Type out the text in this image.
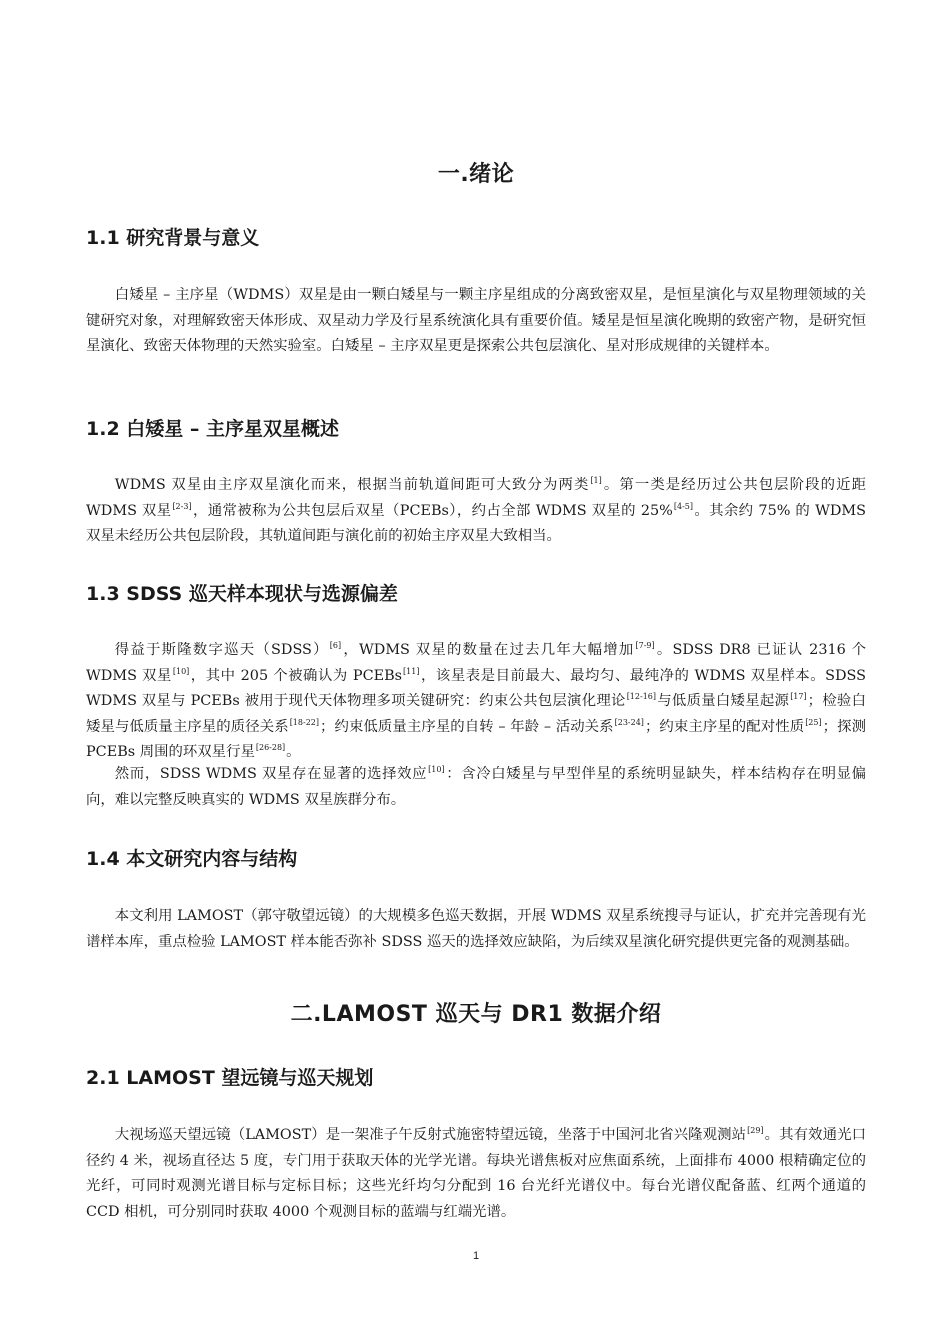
一.绪论
1.1 研究背景与意义
白矮星 – 主序星（WDMS）双星是由一颗白矮星与一颗主序星组成的分离致密双星，是恒星演化与双星物理领域的关键研究对象，对理解致密天体形成、双星动力学及行星系统演化具有重要价值。矮星是恒星演化晚期的致密产物，是研究恒星演化、致密天体物理的天然实验室。白矮星 – 主序双星更是探索公共包层演化、星对形成规律的关键样本。
1.2 白矮星 – 主序星双星概述
WDMS 双星由主序双星演化而来，根据当前轨道间距可大致分为两类[1]。第一类是经历过公共包层阶段的近距 WDMS 双星[2-3]，通常被称为公共包层后双星（PCEBs），约占全部 WDMS 双星的 25%[4-5]。其余约 75% 的 WDMS 双星未经历公共包层阶段，其轨道间距与演化前的初始主序双星大致相当。
1.3 SDSS 巡天样本现状与选源偏差
得益于斯隆数字巡天（SDSS）[6]，WDMS 双星的数量在过去几年大幅增加[7-9]。SDSS DR8 已证认 2316 个 WDMS 双星[10]，其中 205 个被确认为 PCEBs[11]，该星表是目前最大、最均匀、最纯净的 WDMS 双星样本。SDSS WDMS 双星与 PCEBs 被用于现代天体物理多项关键研究：约束公共包层演化理论[12-16]与低质量白矮星起源[17]；检验白矮星与低质量主序星的质径关系[18-22]；约束低质量主序星的自转 – 年龄 – 活动关系[23-24]；约束主序星的配对性质[25]；探测 PCEBs 周围的环双星行星[26-28]。
然而，SDSS WDMS 双星存在显著的选择效应[10]：含冷白矮星与早型伴星的系统明显缺失，样本结构存在明显偏向，难以完整反映真实的 WDMS 双星族群分布。
1.4 本文研究内容与结构
本文利用 LAMOST（郭守敬望远镜）的大规模多色巡天数据，开展 WDMS 双星系统搜寻与证认，扩充并完善现有光谱样本库，重点检验 LAMOST 样本能否弥补 SDSS 巡天的选择效应缺陷，为后续双星演化研究提供更完备的观测基础。
二.LAMOST 巡天与 DR1 数据介绍
2.1 LAMOST 望远镜与巡天规划
大视场巡天望远镜（LAMOST）是一架准子午反射式施密特望远镜，坐落于中国河北省兴隆观测站[29]。其有效通光口径约 4 米，视场直径达 5 度，专门用于获取天体的光学光谱。每块光谱焦板对应焦面系统，上面排布 4000 根精确定位的光纤，可同时观测光谱目标与定标目标；这些光纤均匀分配到 16 台光纤光谱仪中。每台光谱仪配备蓝、红两个通道的 CCD 相机，可分别同时获取 4000 个观测目标的蓝端与红端光谱。
1
